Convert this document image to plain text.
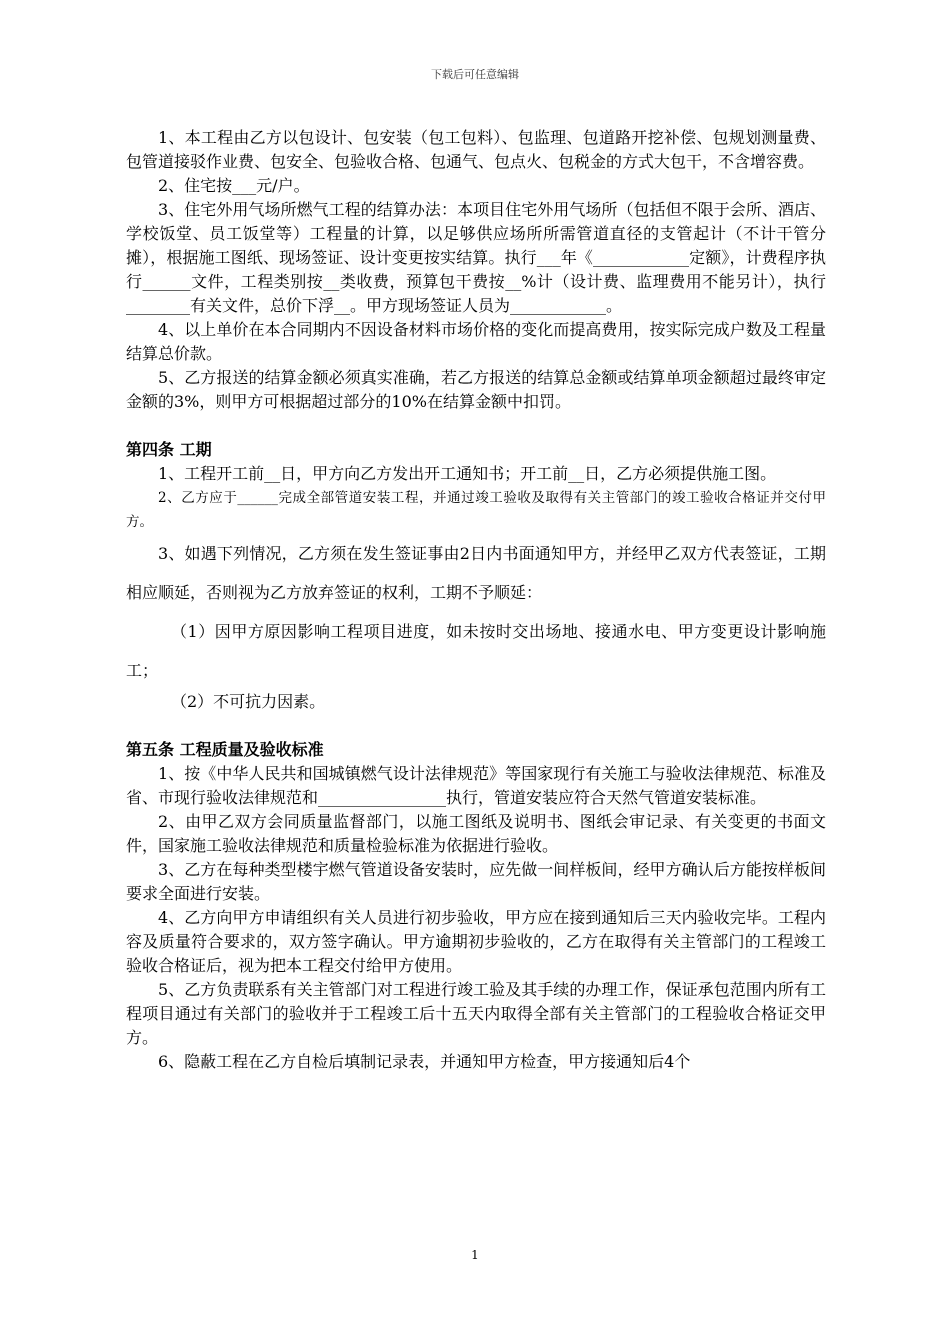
下载后可任意编辑

1、本工程由乙方以包设计、包安装（包工包料）、包监理、包道路开挖补偿、包规划测量费、包管道接驳作业费、包安全、包验收合格、包通气、包点火、包税金的方式大包干，不含增容费。

2、住宅按___元/户。

3、住宅外用气场所燃气工程的结算办法：本项目住宅外用气场所（包括但不限于会所、酒店、学校饭堂、员工饭堂等）工程量的计算，以足够供应场所所需管道直径的支管起计（不计干管分摊），根据施工图纸、现场签证、设计变更按实结算。执行___年《____________定额》，计费程序执行______文件，工程类别按__类收费，预算包干费按__%计（设计费、监理费用不能另计），执行________有关文件，总价下浮__。甲方现场签证人员为____________。

4、以上单价在本合同期内不因设备材料市场价格的变化而提高费用，按实际完成户数及工程量结算总价款。

5、乙方报送的结算金额必须真实准确，若乙方报送的结算总金额或结算单项金额超过最终审定金额的3%，则甲方可根据超过部分的10%在结算金额中扣罚。

第四条 工期

1、工程开工前__日，甲方向乙方发出开工通知书；开工前__日，乙方必须提供施工图。

2、乙方应于______完成全部管道安装工程，并通过竣工验收及取得有关主管部门的竣工验收合格证并交付甲方。

3、如遇下列情况，乙方须在发生签证事由2日内书面通知甲方，并经甲乙双方代表签证，工期相应顺延，否则视为乙方放弃签证的权利，工期不予顺延：

（1）因甲方原因影响工程项目进度，如未按时交出场地、接通水电、甲方变更设计影响施工；

（2）不可抗力因素。

第五条 工程质量及验收标准

1、按《中华人民共和国城镇燃气设计法律规范》等国家现行有关施工与验收法律规范、标准及省、市现行验收法律规范和________________执行，管道安装应符合天然气管道安装标准。

2、由甲乙双方会同质量监督部门，以施工图纸及说明书、图纸会审记录、有关变更的书面文件，国家施工验收法律规范和质量检验标准为依据进行验收。

3、乙方在每种类型楼宇燃气管道设备安装时，应先做一间样板间，经甲方确认后方能按样板间要求全面进行安装。

4、乙方向甲方申请组织有关人员进行初步验收，甲方应在接到通知后三天内验收完毕。工程内容及质量符合要求的，双方签字确认。甲方逾期初步验收的，乙方在取得有关主管部门的工程竣工验收合格证后，视为把本工程交付给甲方使用。

5、乙方负责联系有关主管部门对工程进行竣工验及其手续的办理工作，保证承包范围内所有工程项目通过有关部门的验收并于工程竣工后十五天内取得全部有关主管部门的工程验收合格证交甲方。

6、隐蔽工程在乙方自检后填制记录表，并通知甲方检查，甲方接通知后4个

1
